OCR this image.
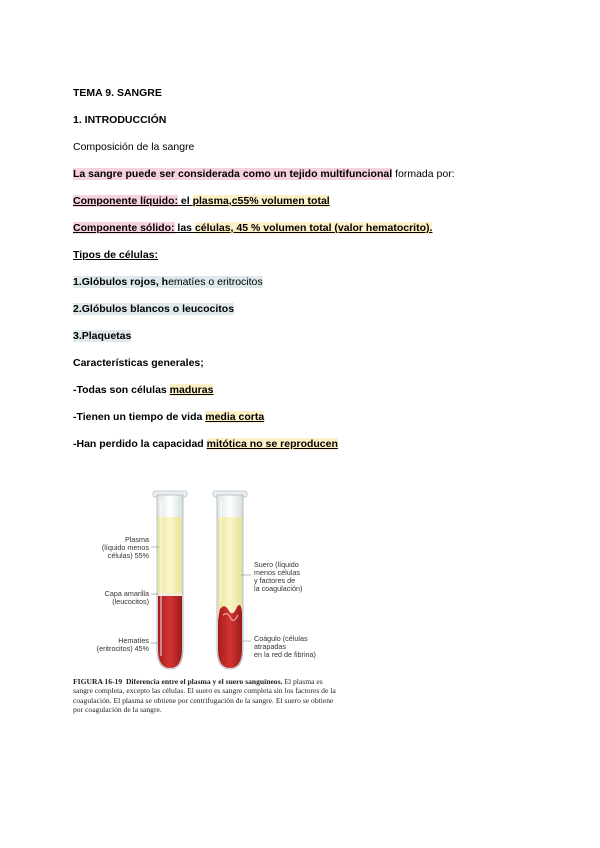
TEMA 9. SANGRE
1. INTRODUCCIÓN
Composición de la sangre
La sangre puede ser considerada como un tejido multifuncional formada por:
Componente líquido: el plasma,c55% volumen total
Componente sólido: las células, 45 % volumen total (valor hematocrito).
Tipos de células:
1.Glóbulos rojos, hematíes o eritrocitos
2.Glóbulos blancos o leucocitos
3.Plaquetas
Características generales;
-Todas son células maduras
-Tienen un tiempo de vida media corta
-Han perdido la capacidad mitótica no se reproducen
Plasma
(líquido menos
células) 55%
Capa amarilla
(leucocitos)
Hematíes
(eritrocitos) 45%
Suero (líquido
menos células
y factores de
la coagulación)
Coágulo (células
atrapadas
en la red de fibrina)
FIGURA 16-19 Diferencia entre el plasma y el suero sanguíneos. El plasma es sangre completa, excepto las células. El suero es sangre completa sin los factores de la coagulación. El plasma se obtiene por centrifugación de la sangre. El suero se obtiene por coagulación de la sangre.
